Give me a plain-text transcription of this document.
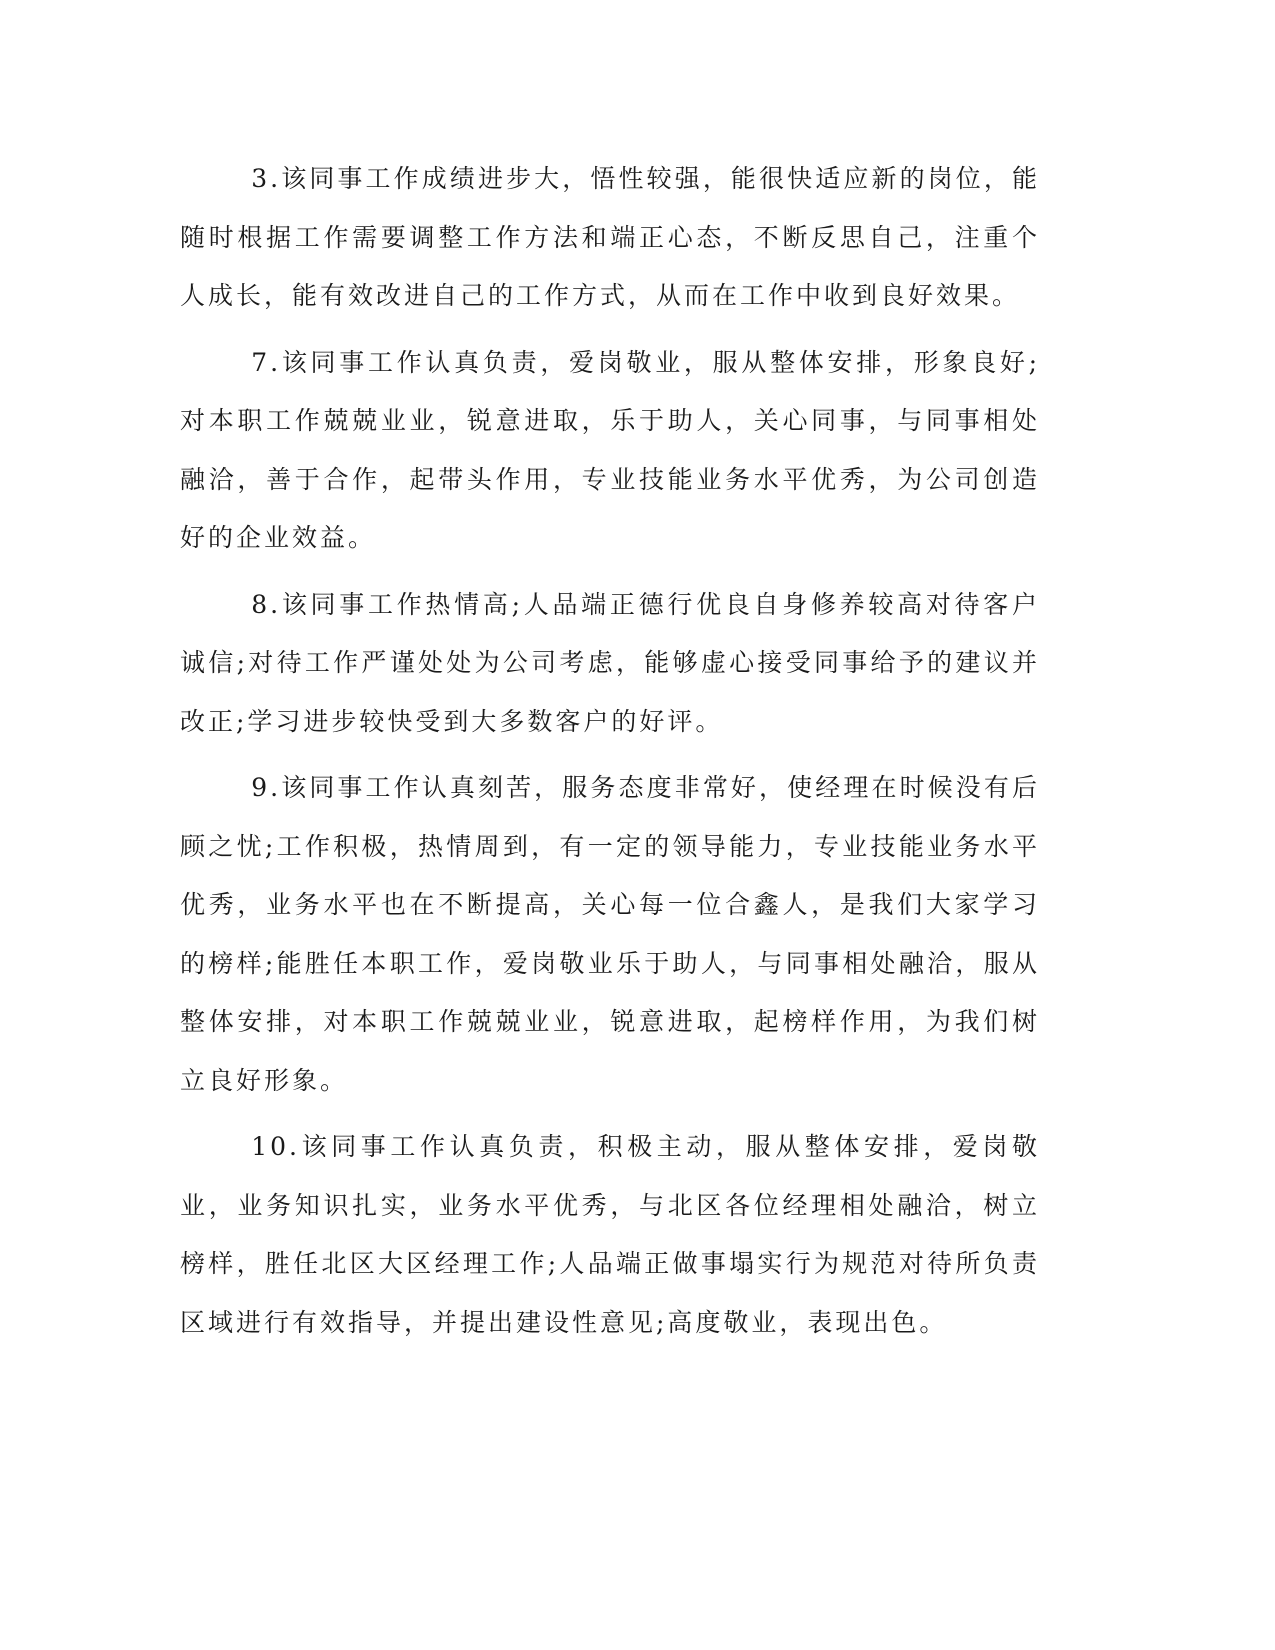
3.该同事工作成绩进步大，悟性较强，能很快适应新的岗位，能随时根据工作需要调整工作方法和端正心态，不断反思自己，注重个人成长，能有效改进自己的工作方式，从而在工作中收到良好效果。

7.该同事工作认真负责，爱岗敬业，服从整体安排，形象良好;对本职工作兢兢业业，锐意进取，乐于助人，关心同事，与同事相处融洽，善于合作，起带头作用，专业技能业务水平优秀，为公司创造好的企业效益。

8.该同事工作热情高;人品端正德行优良自身修养较高对待客户诚信;对待工作严谨处处为公司考虑，能够虚心接受同事给予的建议并改正;学习进步较快受到大多数客户的好评。

9.该同事工作认真刻苦，服务态度非常好，使经理在时候没有后顾之忧;工作积极，热情周到，有一定的领导能力，专业技能业务水平优秀，业务水平也在不断提高，关心每一位合鑫人，是我们大家学习的榜样;能胜任本职工作，爱岗敬业乐于助人，与同事相处融洽，服从整体安排，对本职工作兢兢业业，锐意进取，起榜样作用，为我们树立良好形象。

10.该同事工作认真负责，积极主动，服从整体安排，爱岗敬业，业务知识扎实，业务水平优秀，与北区各位经理相处融洽，树立榜样，胜任北区大区经理工作;人品端正做事塌实行为规范对待所负责区域进行有效指导，并提出建设性意见;高度敬业，表现出色。
